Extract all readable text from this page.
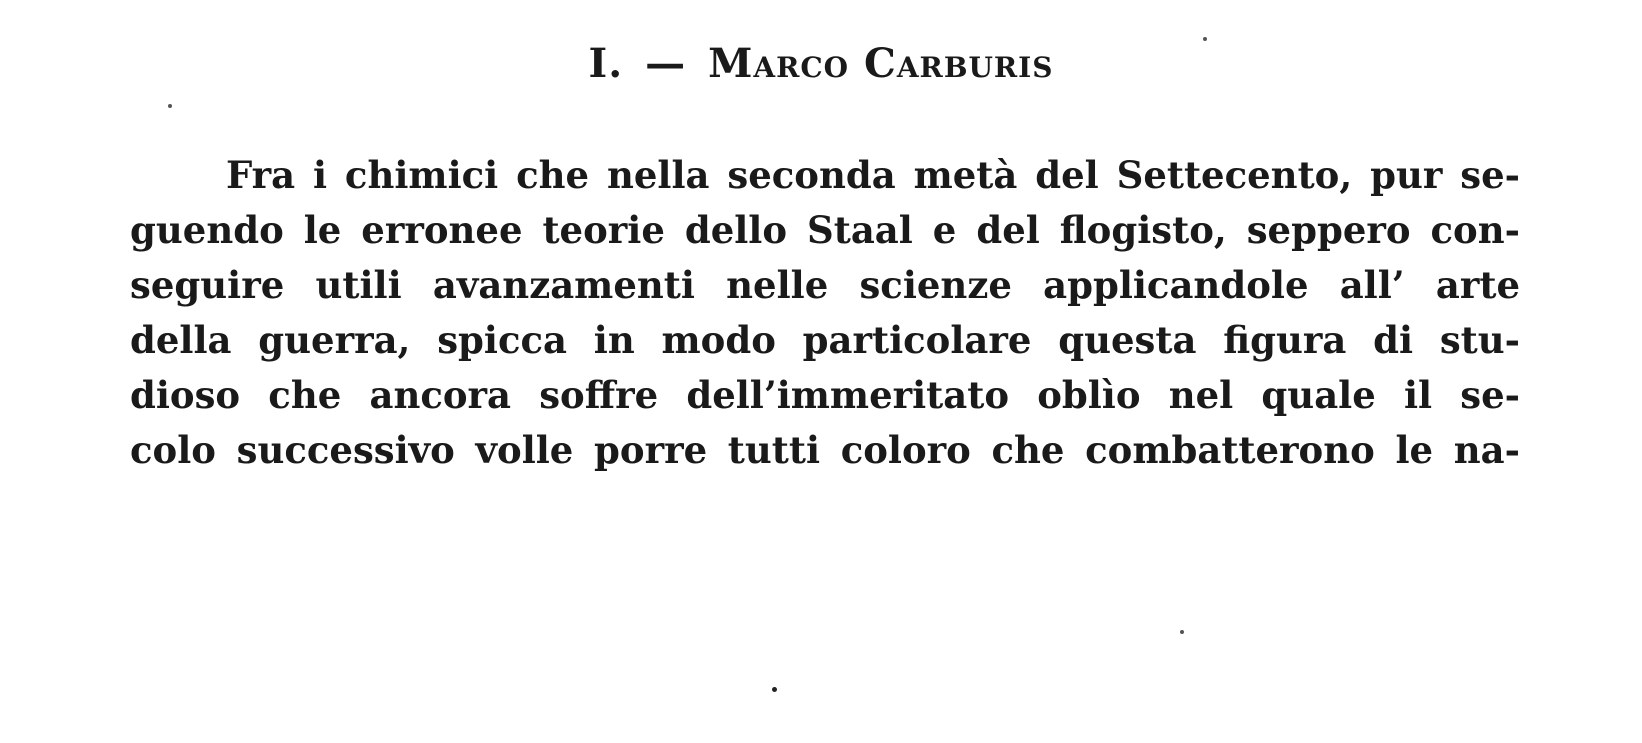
I. — Marco Carburis
Fra i chimici che nella seconda metà del Settecento, pur se-
guendo le erronee teorie dello Staal e del flogisto, seppero con-
seguire utili avanzamenti nelle scienze applicandole all’ arte
della guerra, spicca in modo particolare questa figura di stu-
dioso che ancora soffre dell’immeritato oblìo nel quale il se-
colo successivo volle porre tutti coloro che combatterono le na-
